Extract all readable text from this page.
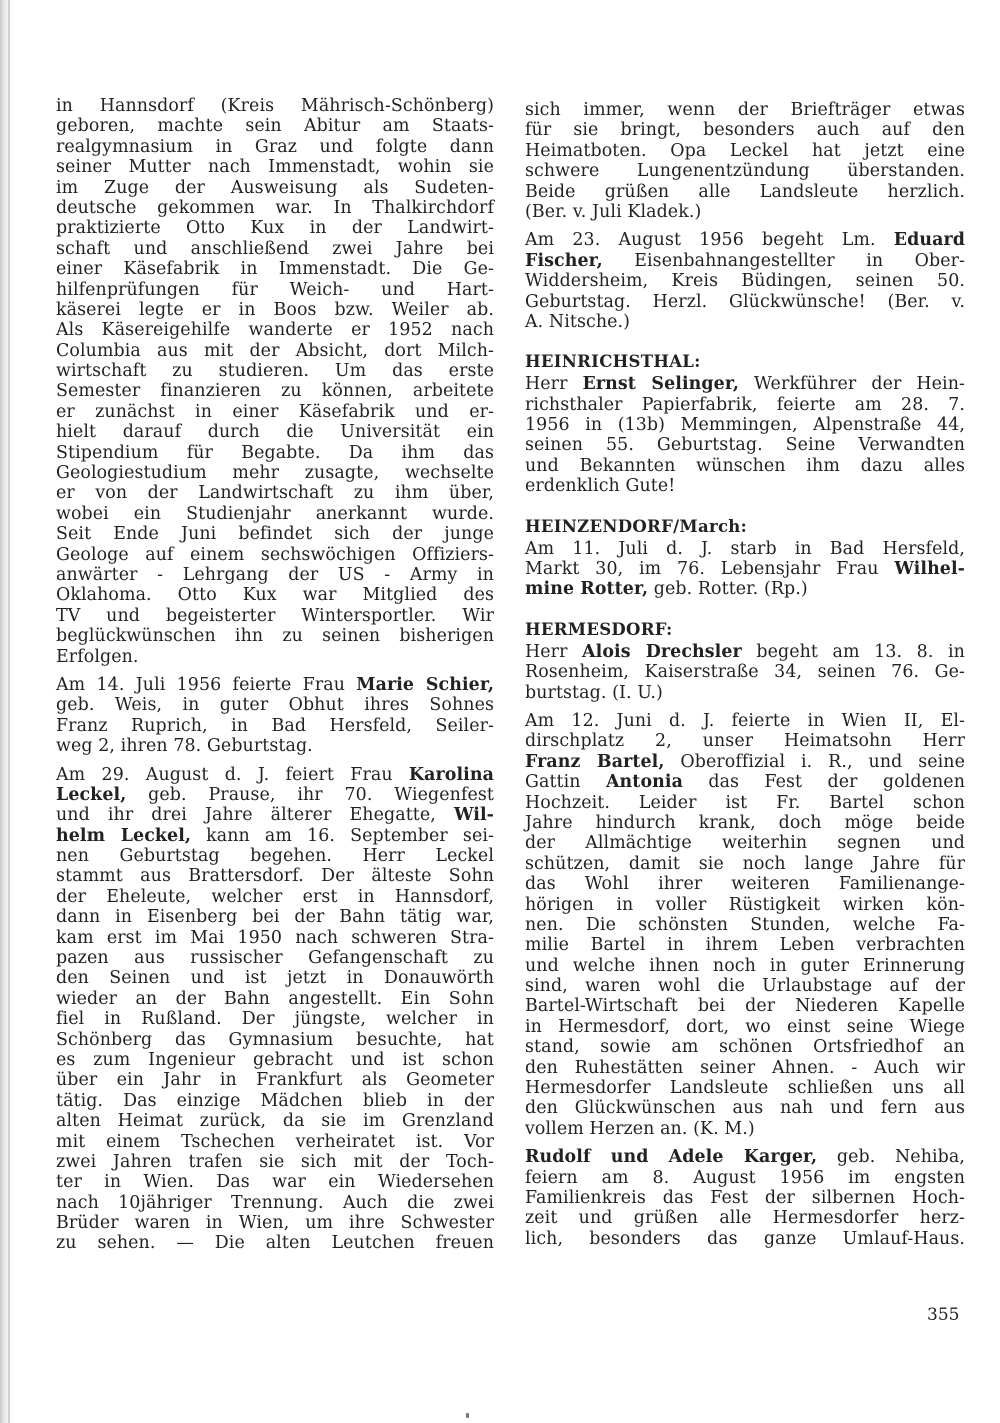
in Hannsdorf (Kreis Mährisch-Schönberg)
geboren, machte sein Abitur am Staats-
realgymnasium in Graz und folgte dann
seiner Mutter nach Immenstadt, wohin sie
im Zuge der Ausweisung als Sudeten-
deutsche gekommen war. In Thalkirchdorf
praktizierte Otto Kux in der Landwirt-
schaft und anschließend zwei Jahre bei
einer Käsefabrik in Immenstadt. Die Ge-
hilfenprüfungen für Weich- und Hart-
käserei legte er in Boos bzw. Weiler ab.
Als Käsereigehilfe wanderte er 1952 nach
Columbia aus mit der Absicht, dort Milch-
wirtschaft zu studieren. Um das erste
Semester finanzieren zu können, arbeitete
er zunächst in einer Käsefabrik und er-
hielt darauf durch die Universität ein
Stipendium für Begabte. Da ihm das
Geologiestudium mehr zusagte, wechselte
er von der Landwirtschaft zu ihm über,
wobei ein Studienjahr anerkannt wurde.
Seit Ende Juni befindet sich der junge
Geologe auf einem sechswöchigen Offiziers-
anwärter - Lehrgang der US - Army in
Oklahoma. Otto Kux war Mitglied des
TV und begeisterter Wintersportler. Wir
beglückwünschen ihn zu seinen bisherigen
Erfolgen.
Am 14. Juli 1956 feierte Frau Marie Schier,
geb. Weis, in guter Obhut ihres Sohnes
Franz Ruprich, in Bad Hersfeld, Seiler-
weg 2, ihren 78. Geburtstag.
Am 29. August d. J. feiert Frau Karolina
Leckel, geb. Prause, ihr 70. Wiegenfest
und ihr drei Jahre älterer Ehegatte, Wil-
helm Leckel, kann am 16. September sei-
nen Geburtstag begehen. Herr Leckel
stammt aus Brattersdorf. Der älteste Sohn
der Eheleute, welcher erst in Hannsdorf,
dann in Eisenberg bei der Bahn tätig war,
kam erst im Mai 1950 nach schweren Stra-
pazen aus russischer Gefangenschaft zu
den Seinen und ist jetzt in Donauwörth
wieder an der Bahn angestellt. Ein Sohn
fiel in Rußland. Der jüngste, welcher in
Schönberg das Gymnasium besuchte, hat
es zum Ingenieur gebracht und ist schon
über ein Jahr in Frankfurt als Geometer
tätig. Das einzige Mädchen blieb in der
alten Heimat zurück, da sie im Grenzland
mit einem Tschechen verheiratet ist. Vor
zwei Jahren trafen sie sich mit der Toch-
ter in Wien. Das war ein Wiedersehen
nach 10jähriger Trennung. Auch die zwei
Brüder waren in Wien, um ihre Schwester
zu sehen. — Die alten Leutchen freuen
sich immer, wenn der Briefträger etwas
für sie bringt, besonders auch auf den
Heimatboten. Opa Leckel hat jetzt eine
schwere Lungenentzündung überstanden.
Beide grüßen alle Landsleute herzlich.
(Ber. v. Juli Kladek.)
Am 23. August 1956 begeht Lm. Eduard
Fischer, Eisenbahnangestellter in Ober-
Widdersheim, Kreis Büdingen, seinen 50.
Geburtstag. Herzl. Glückwünsche! (Ber. v.
A. Nitsche.)
HEINRICHSTHAL:
Herr Ernst Selinger, Werkführer der Hein-
richsthaler Papierfabrik, feierte am 28. 7.
1956 in (13b) Memmingen, Alpenstraße 44,
seinen 55. Geburtstag. Seine Verwandten
und Bekannten wünschen ihm dazu alles
erdenklich Gute!
HEINZENDORF/March:
Am 11. Juli d. J. starb in Bad Hersfeld,
Markt 30, im 76. Lebensjahr Frau Wilhel-
mine Rotter, geb. Rotter. (Rp.)
HERMESDORF:
Herr Alois Drechsler begeht am 13. 8. in
Rosenheim, Kaiserstraße 34, seinen 76. Ge-
burtstag. (I. U.)
Am 12. Juni d. J. feierte in Wien II, El-
dirschplatz 2, unser Heimatsohn Herr
Franz Bartel, Oberoffizial i. R., und seine
Gattin Antonia das Fest der goldenen
Hochzeit. Leider ist Fr. Bartel schon
Jahre hindurch krank, doch möge beide
der Allmächtige weiterhin segnen und
schützen, damit sie noch lange Jahre für
das Wohl ihrer weiteren Familienange-
hörigen in voller Rüstigkeit wirken kön-
nen. Die schönsten Stunden, welche Fa-
milie Bartel in ihrem Leben verbrachten
und welche ihnen noch in guter Erinnerung
sind, waren wohl die Urlaubstage auf der
Bartel-Wirtschaft bei der Niederen Kapelle
in Hermesdorf, dort, wo einst seine Wiege
stand, sowie am schönen Ortsfriedhof an
den Ruhestätten seiner Ahnen. - Auch wir
Hermesdorfer Landsleute schließen uns all
den Glückwünschen aus nah und fern aus
vollem Herzen an. (K. M.)
Rudolf und Adele Karger, geb. Nehiba,
feiern am 8. August 1956 im engsten
Familienkreis das Fest der silbernen Hoch-
zeit und grüßen alle Hermesdorfer herz-
lich, besonders das ganze Umlauf-Haus.
355
